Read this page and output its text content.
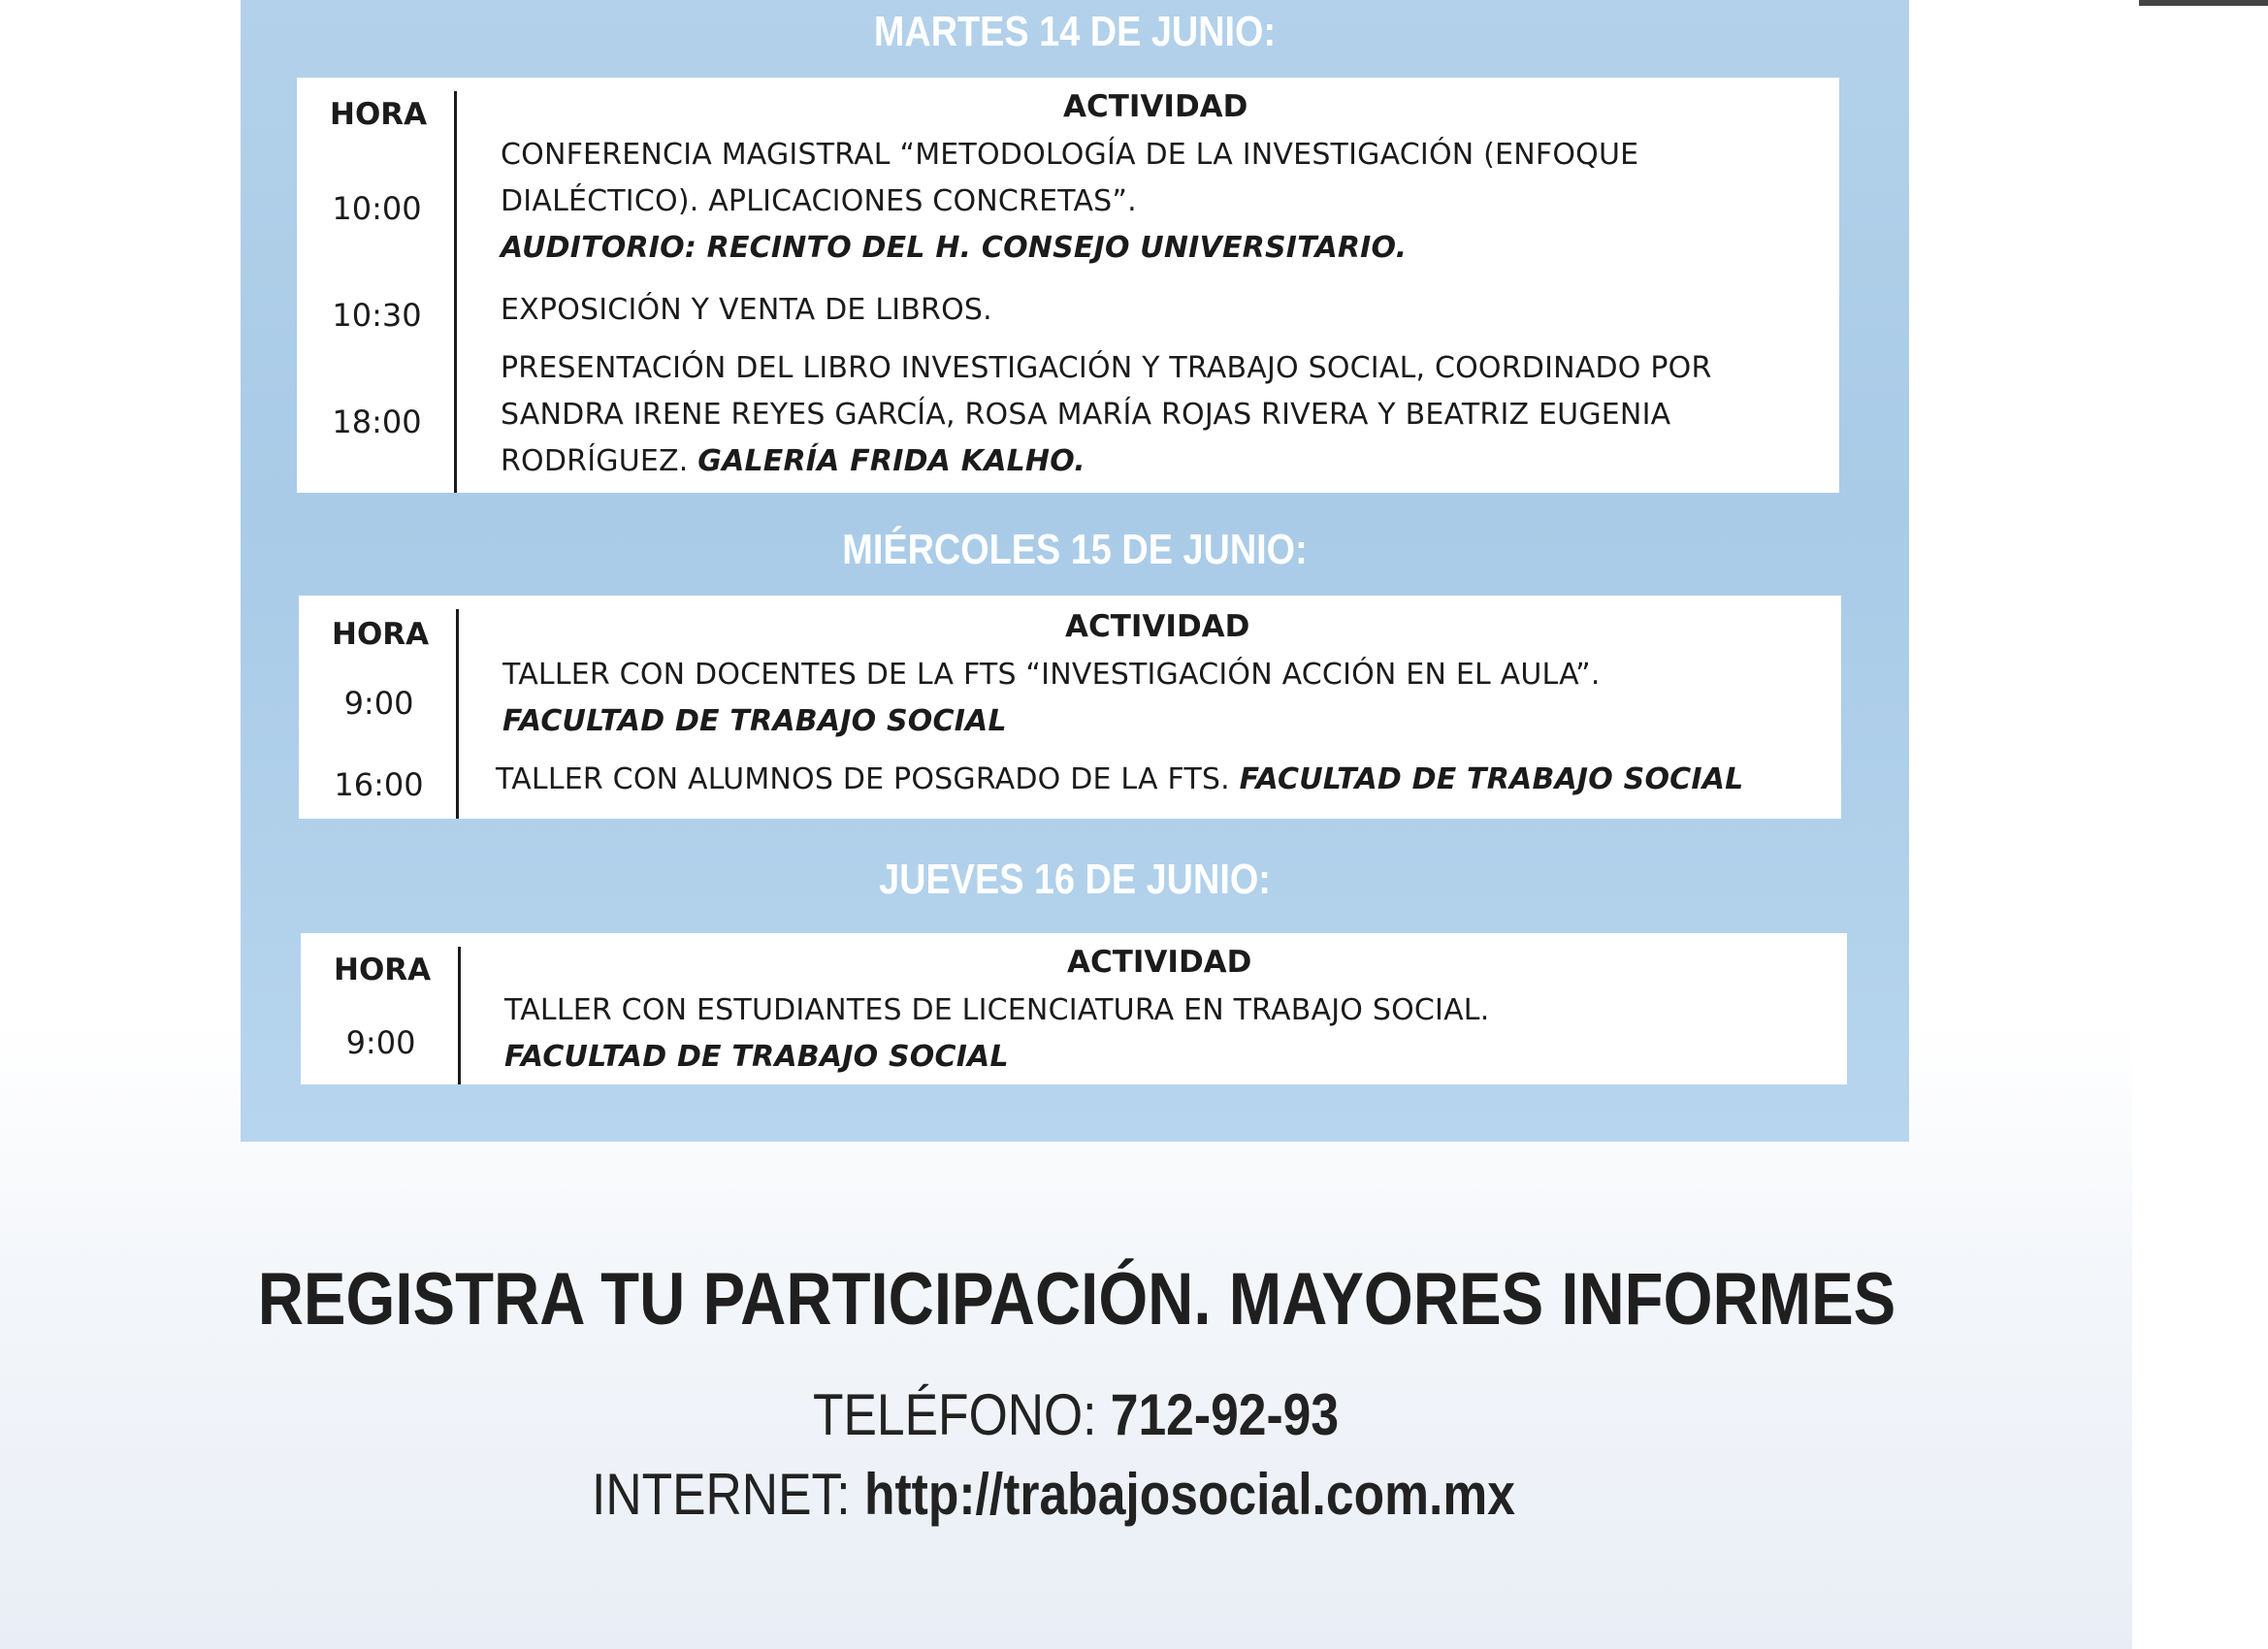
MARTES 14 DE JUNIO:
HORA	ACTIVIDAD
10:00
CONFERENCIA MAGISTRAL “METODOLOGÍA DE LA INVESTIGACIÓN (ENFOQUE
DIALÉCTICO). APLICACIONES CONCRETAS”.
AUDITORIO: RECINTO DEL H. CONSEJO UNIVERSITARIO.
10:30	EXPOSICIÓN Y VENTA DE LIBROS.
18:00
PRESENTACIÓN DEL LIBRO INVESTIGACIÓN Y TRABAJO SOCIAL, COORDINADO POR
SANDRA IRENE REYES GARCÍA, ROSA MARÍA ROJAS RIVERA Y BEATRIZ EUGENIA
RODRÍGUEZ. GALERÍA FRIDA KALHO.
MIÉRCOLES 15 DE JUNIO:
HORA	ACTIVIDAD
9:00
TALLER CON DOCENTES DE LA FTS “INVESTIGACIÓN ACCIÓN EN EL AULA”.
FACULTAD DE TRABAJO SOCIAL
16:00	TALLER CON ALUMNOS DE POSGRADO DE LA FTS. FACULTAD DE TRABAJO SOCIAL
JUEVES 16 DE JUNIO:
HORA	ACTIVIDAD
9:00
TALLER CON ESTUDIANTES DE LICENCIATURA EN TRABAJO SOCIAL.
FACULTAD DE TRABAJO SOCIAL
REGISTRA TU PARTICIPACIÓN. MAYORES INFORMES
TELÉFONO: 712-92-93
INTERNET: http://trabajosocial.com.mx
